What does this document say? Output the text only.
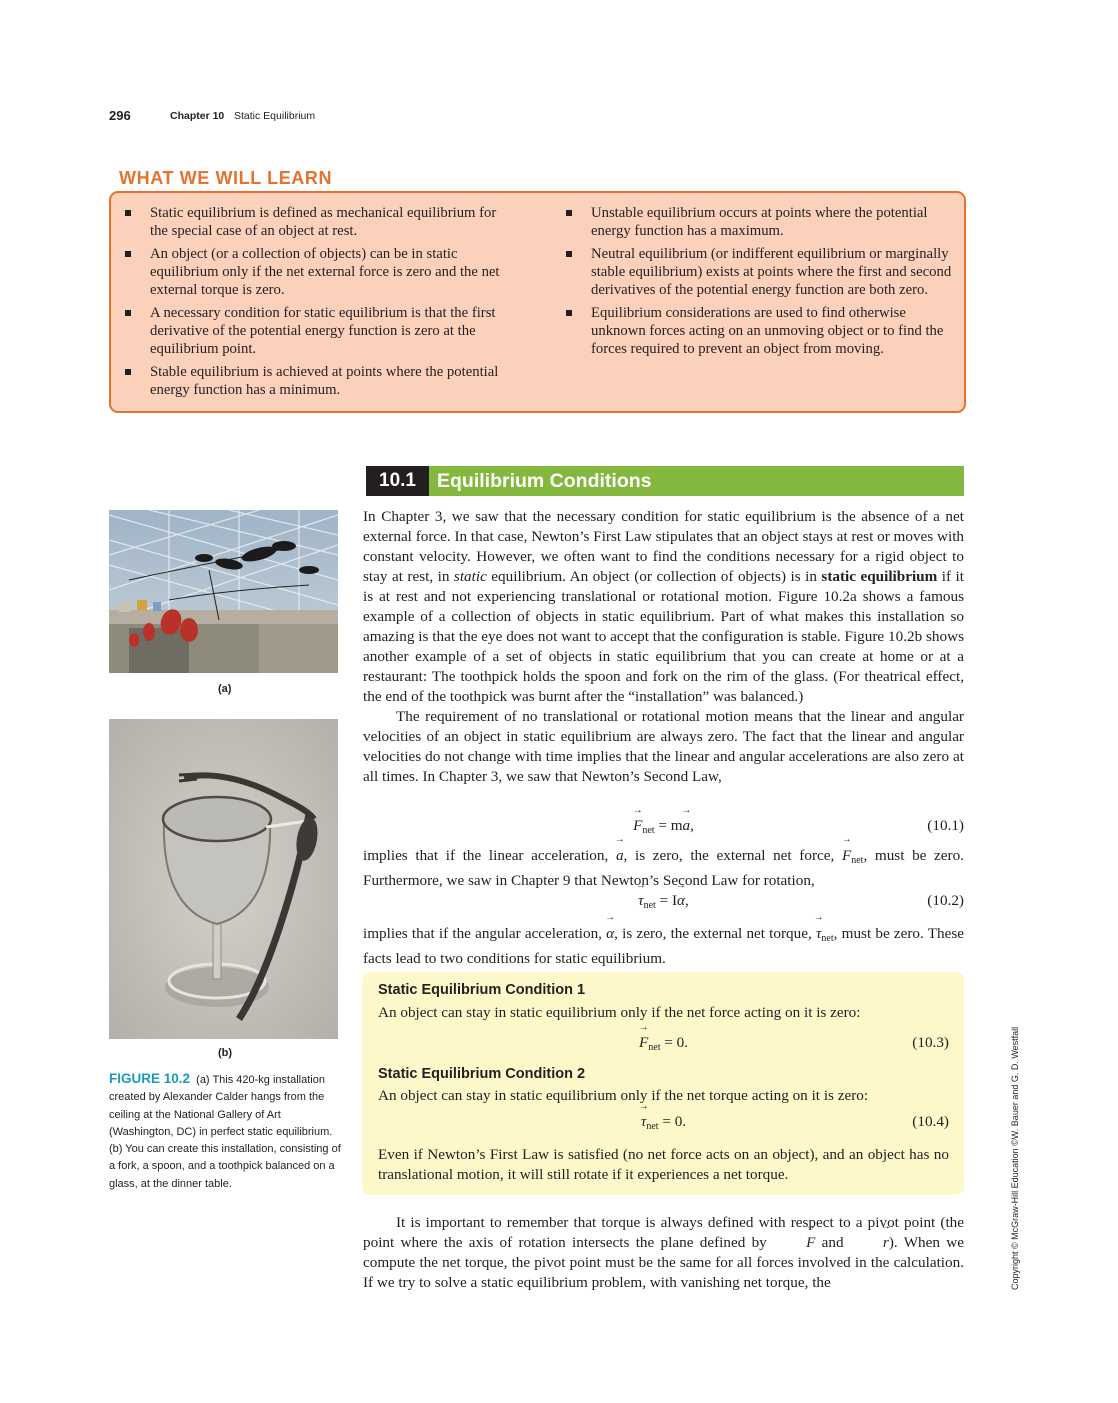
296	Chapter 10 Static Equilibrium
WHAT WE WILL LEARN
Static equilibrium is defined as mechanical equilibrium for the special case of an object at rest.
An object (or a collection of objects) can be in static equilibrium only if the net external force is zero and the net external torque is zero.
A necessary condition for static equilibrium is that the first derivative of the potential energy function is zero at the equilibrium point.
Stable equilibrium is achieved at points where the potential energy function has a minimum.
Unstable equilibrium occurs at points where the potential energy function has a maximum.
Neutral equilibrium (or indifferent equilibrium or marginally stable equilibrium) exists at points where the first and second derivatives of the potential energy function are both zero.
Equilibrium considerations are used to find otherwise unknown forces acting on an unmoving object or to find the forces required to prevent an object from moving.
10.1	Equilibrium Conditions

In Chapter 3, we saw that the necessary condition for static equilibrium is the absence of a net external force. In that case, Newton’s First Law stipulates that an object stays at rest or moves with constant velocity. However, we often want to find the conditions necessary for a rigid object to stay at rest, in static equilibrium. An object (or collection of objects) is in static equilibrium if it is at rest and not experiencing translational or rotational motion. Figure 10.2a shows a famous example of a collection of objects in static equilibrium. Part of what makes this installation so amazing is that the eye does not want to accept that the configuration is stable. Figure 10.2b shows another example of a set of objects in static equilibrium that you can create at home or at a restaurant: The toothpick holds the spoon and fork on the rim of the glass. (For theatrical effect, the end of the toothpick was burnt after the “installation” was balanced.)

The requirement of no translational or rotational motion means that the linear and angular velocities of an object in static equilibrium are always zero. The fact that the linear and angular velocities do not change with time implies that the linear and angular accelerations are also zero at all times. In Chapter 3, we saw that Newton’s Second Law,

→ $F_{net} = m\to a$,	(10.1)

implies that if the linear acceleration, → a, is zero, the external net force, → $F_{net}$, must be zero. Furthermore, we saw in Chapter 9 that Newton’s Second Law for rotation,

→ $\tau_{net} = I\to \alpha$,	(10.2)

implies that if the angular acceleration, → α, is zero, the external net torque, → $\tau_{net}$, must be zero. These facts lead to two conditions for static equilibrium.

Static Equilibrium Condition 1
An object can stay in static equilibrium only if the net force acting on it is zero:
→ $F_{net} = 0$.	(10.3)
Static Equilibrium Condition 2
An object can stay in static equilibrium only if the net torque acting on it is zero:
→ $\tau_{net} = 0$.	(10.4)
Even if Newton’s First Law is satisfied (no net force acts on an object), and an object has no translational motion, it will still rotate if it experiences a net torque.

It is important to remember that torque is always defined with respect to a pivot point (the point where the axis of rotation intersects the plane defined by → F and → r). When we compute the net torque, the pivot point must be the same for all forces involved in the calculation. If we try to solve a static equilibrium problem, with vanishing net torque, the

(a)
(b)
FIGURE 10.2 (a) This 420-kg installation created by Alexander Calder hangs from the ceiling at the National Gallery of Art (Washington, DC) in perfect static equilibrium. (b) You can create this installation, consisting of a fork, a spoon, and a toothpick balanced on a glass, at the dinner table.	Copyright © McGraw-Hill Education ©W. Bauer and G. D. Westfall
